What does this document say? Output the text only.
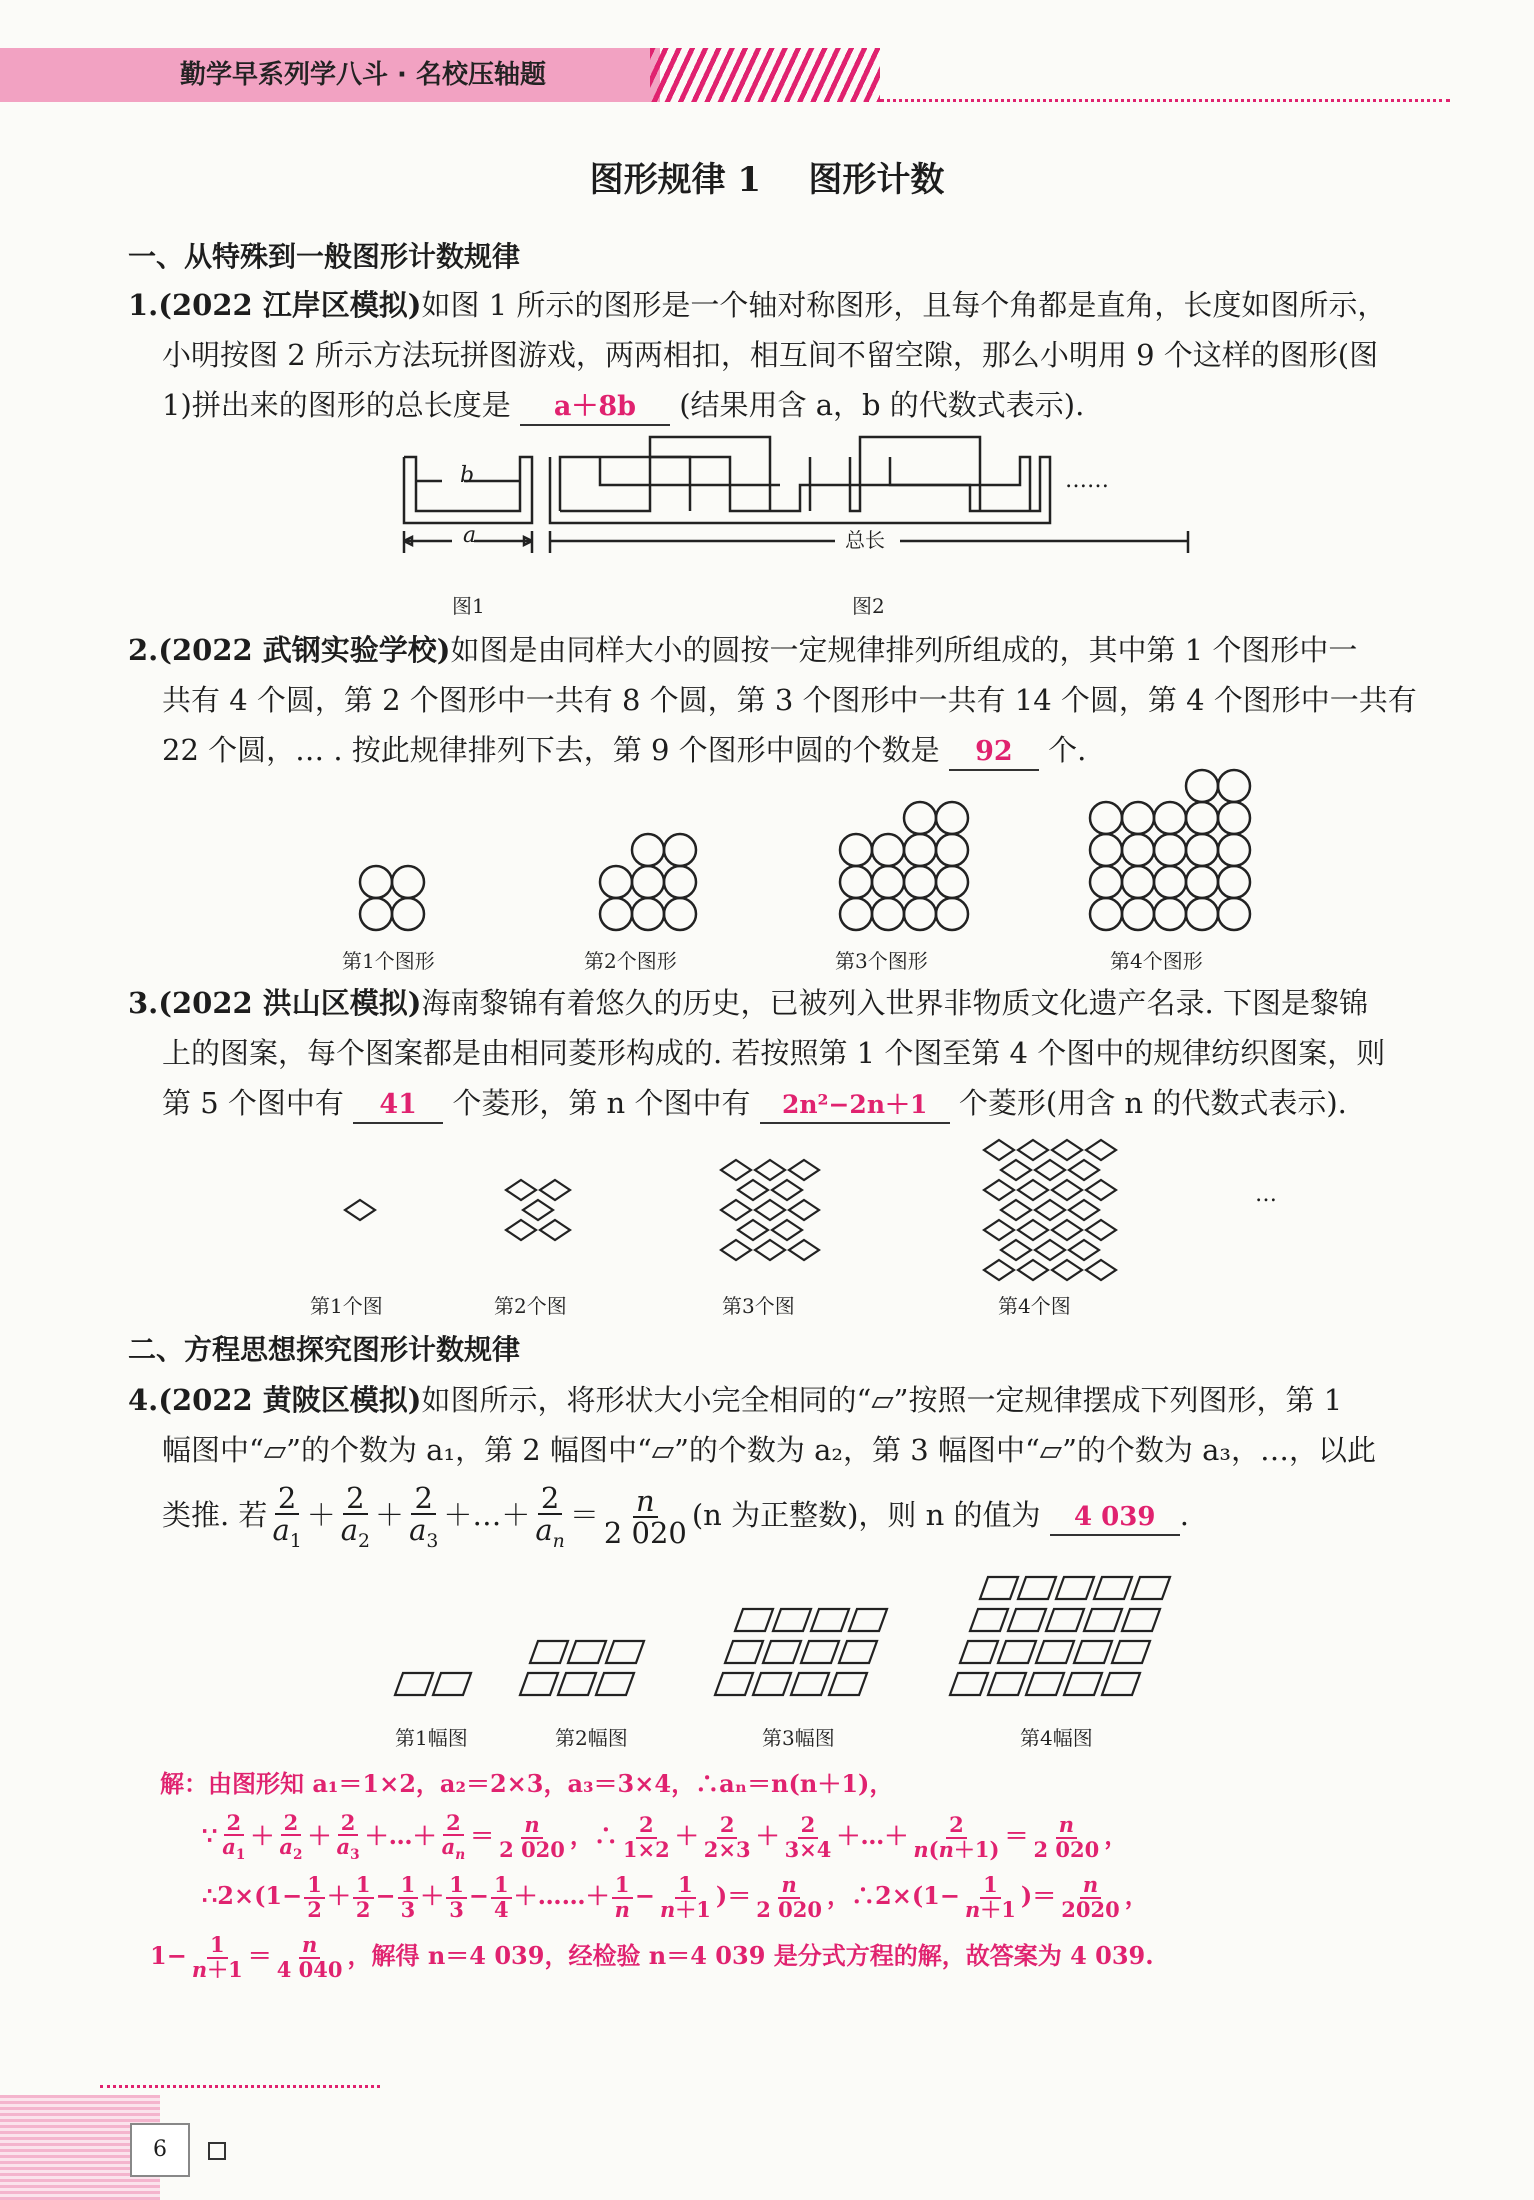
勤学早系列学八斗 · 名校压轴题
图形规律 1    图形计数
一、从特殊到一般图形计数规律
1.(2022 江岸区模拟)如图 1 所示的图形是一个轴对称图形，且每个角都是直角，长度如图所示，
小明按图 2 所示方法玩拼图游戏，两两相扣，相互间不留空隙，那么小明用 9 个这样的图形(图
1)拼出来的图形的总长度是 a＋8b (结果用含 a，b 的代数式表示).
b
a	总长
……
图1	图2
2.(2022 武钢实验学校)如图是由同样大小的圆按一定规律排列所组成的，其中第 1 个图形中一
共有 4 个圆，第 2 个图形中一共有 8 个圆，第 3 个图形中一共有 14 个圆，第 4 个图形中一共有
22 个圆，… . 按此规律排列下去，第 9 个图形中圆的个数是 92 个.
第1个图形	第2个图形	第3个图形	第4个图形
3.(2022 洪山区模拟)海南黎锦有着悠久的历史，已被列入世界非物质文化遗产名录. 下图是黎锦
上的图案，每个图案都是由相同菱形构成的. 若按照第 1 个图至第 4 个图中的规律纺织图案，则
第 5 个图中有 41 个菱形，第 n 个图中有 2n²−2n＋1 个菱形(用含 n 的代数式表示).
…
第1个图	第2个图	第3个图	第4个图
二、方程思想探究图形计数规律
4.(2022 黄陂区模拟)如图所示，将形状大小完全相同的“▱”按照一定规律摆成下列图形，第 1
幅图中“▱”的个数为 a₁，第 2 幅图中“▱”的个数为 a₂，第 3 幅图中“▱”的个数为 a₃，…，以此
类推. 若 $\frac{2}{a_1} + \frac{2}{a_2} + \frac{2}{a_3}$ ＋…＋ $\frac{2}{a_n} = \frac{n}{2 020} (n$ 为正整数)，则 n 的值为 4 039 .
第1幅图	第2幅图	第3幅图	第4幅图
解：由图形知 a₁＝1×2，a₂＝2×3，a₃＝3×4，∴aₙ＝n(n＋1)，
∵ $\frac{2}{a_1} + \frac{2}{a_2} + \frac{2}{a_3}$ ＋…＋ $\frac{2}{a_n} = \frac{n}{2 020}$ ，∴ $\frac{2}{1\times 2} + \frac{2}{2\times 3} + \frac{2}{3\times 4}$ ＋…＋ $\frac{2}{n(n+1)} = \frac{n}{2 020}$ ，
∴2×(1− $\frac{1}{2} + \frac{1}{2} - \frac{1}{3} + \frac{1}{3} - \frac{1}{4}$ ＋……＋ $\frac{1}{n} - \frac{1}{n+1}$ )＝ $\frac{n}{2 020}$ ，∴2×(1− $\frac{1}{n+1}$ )＝ $\frac{n}{2020}$ ，
$1- \frac{1}{n+1} = \frac{n}{4 040}$ ，解得 n＝4 039，经检验 n＝4 039 是分式方程的解，故答案为 4 039.
6
